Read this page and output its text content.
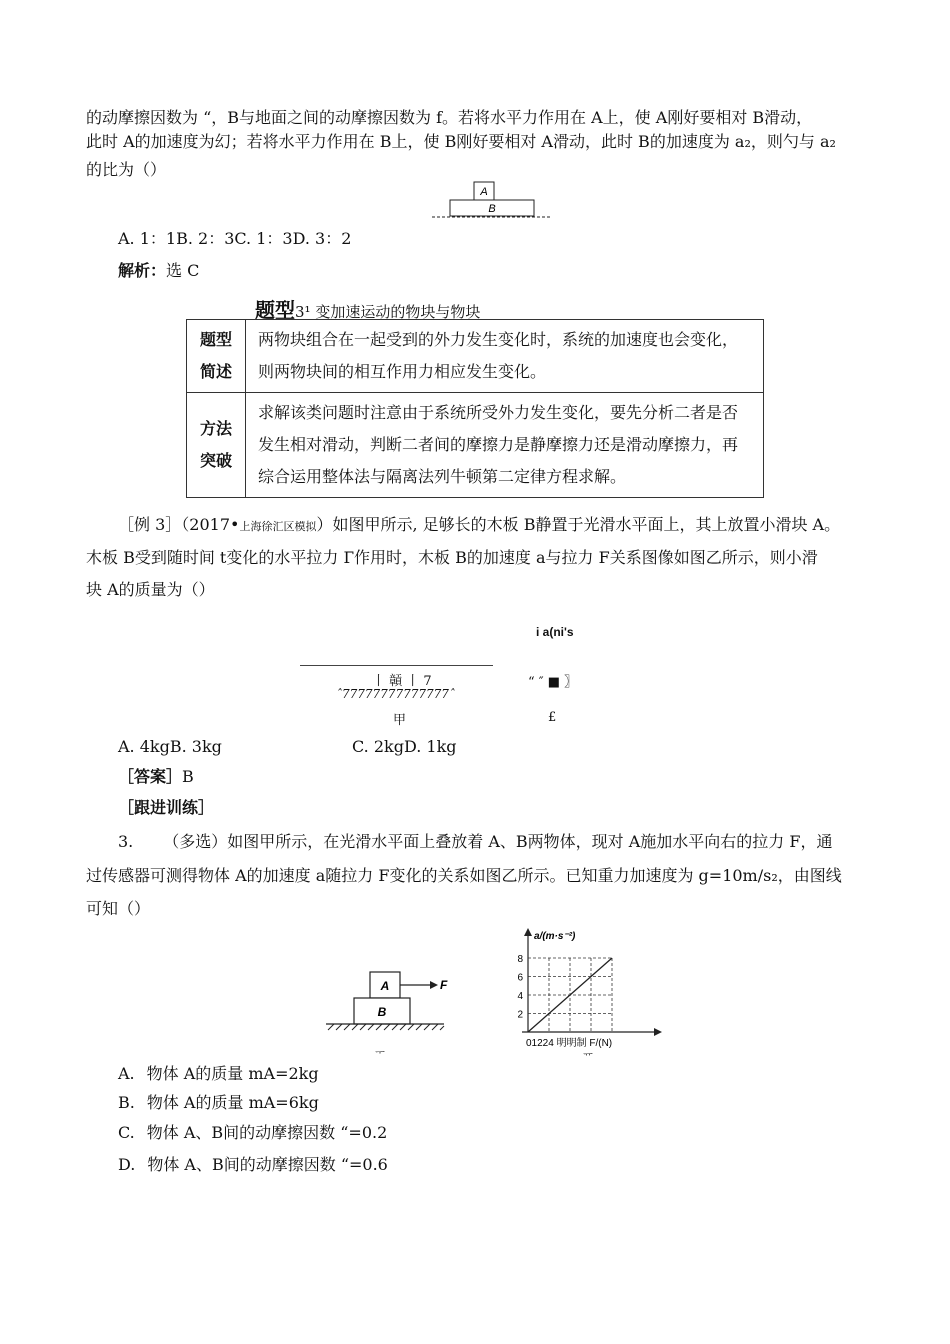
的动摩擦因数为 “，B与地面之间的动摩擦因数为 f。若将水平力作用在 A上，使 A刚好要相对 B滑动，
此时 A的加速度为幻；若将水平力作用在 B上，使 B刚好要相对 A滑动，此时 B的加速度为 a₂，则勺与 a₂
的比为（）
A
B
A. 1：1B. 2：3C. 1：3D. 3：2
解析：选 C
题型3¹ 变加速运动的物块与物块
题型
简述	两物块组合在一起受到的外力发生变化时，系统的加速度也会变化，则两物块间的相互作用力相应发生变化。

方法
突破	求解该类问题时注意由于系统所受外力发生变化，要先分析二者是否发生相对滑动，判断二者间的摩擦力是静摩擦力还是滑动摩擦力，再综合运用整体法与隔离法列牛顿第二定律方程求解。
［例 3］（2017•上海徐汇区模拟）如图甲所示, 足够长的木板 B静置于光滑水平面上，其上放置小滑块 A。
木板 B受到随时间 t变化的水平拉力 Г作用时，木板 B的加速度 a与拉力 F关系图像如图乙所示，则小滑
块 A的质量为（）
i a(ni's
丨 贑 丨 7
ˆ77777777777777ˆ
甲
“ ″ ■ 〗
£
A. 4kgB. 3kg	C. 2kgD. 1kg
［答案］B
［跟进训练］
3. （多选）如图甲所示，在光滑水平面上叠放着 A、B两物体，现对 A施加水平向右的拉力 F，通
过传感器可测得物体 A的加速度 a随拉力 F变化的关系如图乙所示。已知重力加速度为 g=10m/s₂，由图线
可知（）
A	F
B
ᅮ
a/(m·s⁻²)
2
4
6
8
01224 明明制 F/(N)
ᅲ
A. 物体 A的质量 mA=2kg
B. 物体 A的质量 mA=6kg
C. 物体 A、B间的动摩擦因数 “=0.2
D. 物体 A、B间的动摩擦因数 “=0.6
